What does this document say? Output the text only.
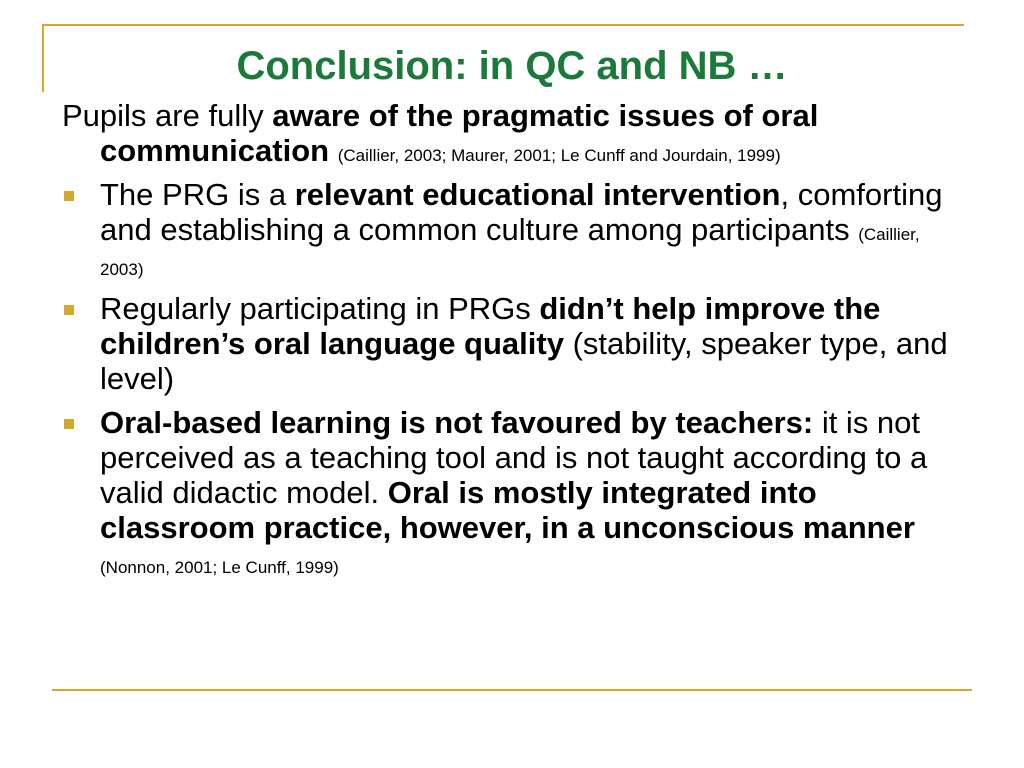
Conclusion: in QC and NB …
Pupils are fully aware of the pragmatic issues of oral communication (Caillier, 2003; Maurer, 2001; Le Cunff and Jourdain, 1999)
The PRG is a relevant educational intervention, comforting and establishing a common culture among participants (Caillier, 2003)
Regularly participating in PRGs didn’t help improve the children’s oral language quality (stability, speaker type, and level)
Oral-based learning is not favoured by teachers: it is not perceived as a teaching tool and is not taught according to a valid didactic model. Oral is mostly integrated into classroom practice, however, in a unconscious manner (Nonnon, 2001; Le Cunff, 1999)
